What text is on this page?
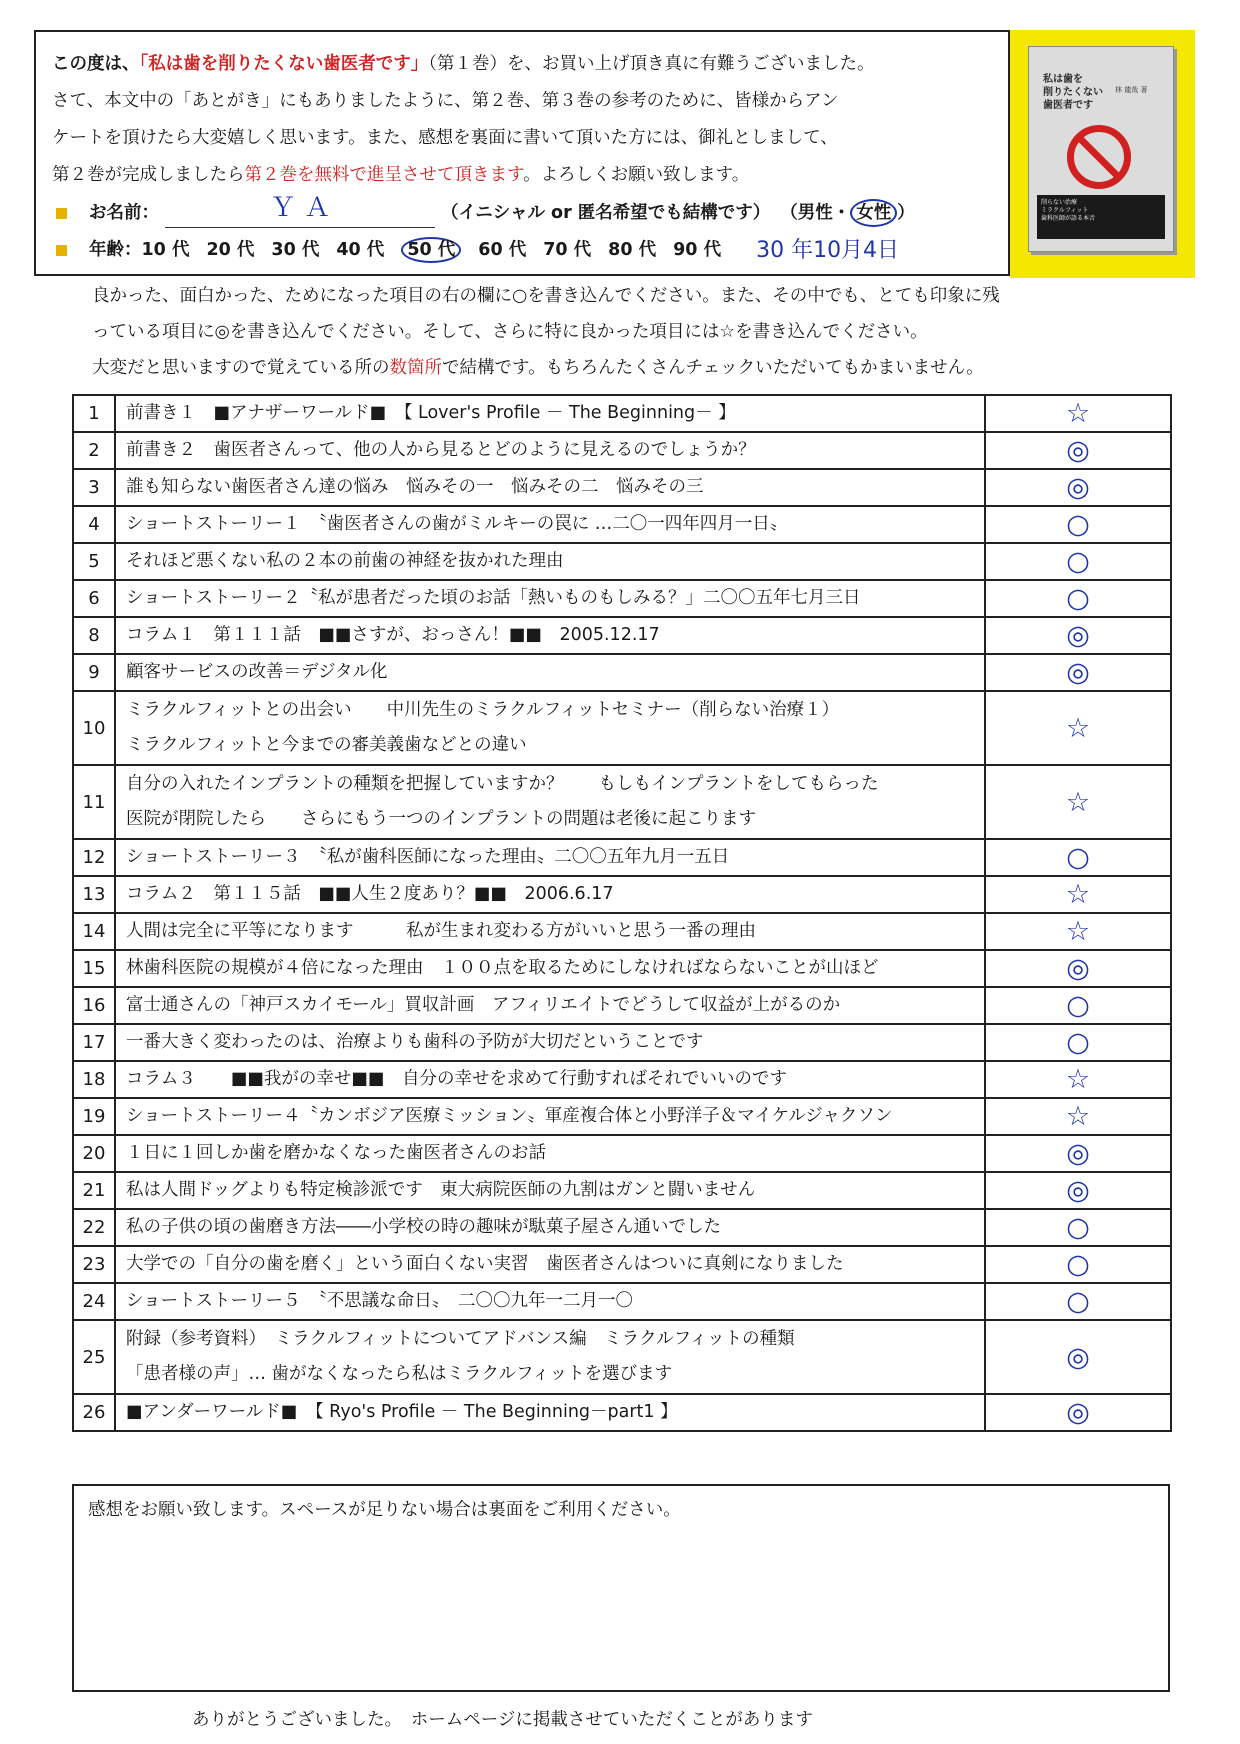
この度は、「私は歯を削りたくない歯医者です」（第１巻）を、お買い上げ頂き真に有難うございました。

さて、本文中の「あとがき」にもありましたように、第２巻、第３巻の参考のために、皆様からアン

ケートを頂けたら大変嬉しく思います。また、感想を裏面に書いて頂いた方には、御礼としまして、

第２巻が完成しましたら第２巻を無料で進呈させて頂きます。よろしくお願い致します。

お名前：	Ｙ Ａ	（イニシャル or 匿名希望でも結構です） （男性・ 女性 ）
年齢： 10 代 20 代 30 代 40 代 50 代 60 代 70 代 80 代 90 代	30 年10月4日
私は歯を
削りたくない
歯医者です
林 龍哉 著
削らない治療
ミラクルフィット
歯科医師が語る本音

良かった、面白かった、ためになった項目の右の欄に○を書き込んでください。また、その中でも、とても印象に残

っている項目に◎を書き込んでください。そして、さらに特に良かった項目には☆を書き込んでください。

大変だと思いますので覚えている所の数箇所で結構です。もちろんたくさんチェックいただいてもかまいません。

1	前書き１　■アナザーワールド■　【 Lover's Profile － The Beginning－ 】	☆
2	前書き２　歯医者さんって、他の人から見るとどのように見えるのでしょうか？	◎
3	誰も知らない歯医者さん達の悩み　悩みその一　悩みその二　悩みその三	◎
4	ショートストーリー１　〝歯医者さんの歯がミルキーの罠に …二〇一四年四月一日〟	○
5	それほど悪くない私の２本の前歯の神経を抜かれた理由	○
6	ショートストーリー２〝私が患者だった頃のお話「熱いものもしみる？」二〇〇五年七月三日	○
8	コラム１　第１１１話　■■さすが、おっさん！■■　2005.12.17	◎
9	顧客サービスの改善＝デジタル化	◎
10	ミラクルフィットとの出会い　　中川先生のミラクルフィットセミナー（削らない治療１）
ミラクルフィットと今までの審美義歯などとの違い	☆
11	自分の入れたインプラントの種類を把握していますか？　　もしもインプラントをしてもらった
医院が閉院したら　　さらにもう一つのインプラントの問題は老後に起こります	☆
12	ショートストーリー３　〝私が歯科医師になった理由〟二〇〇五年九月一五日	○
13	コラム２　第１１５話　■■人生２度あり？■■　2006.6.17	☆
14	人間は完全に平等になります　　　私が生まれ変わる方がいいと思う一番の理由	☆
15	林歯科医院の規模が４倍になった理由　１００点を取るためにしなければならないことが山ほど	◎
16	富士通さんの「神戸スカイモール」買収計画　アフィリエイトでどうして収益が上がるのか	○
17	一番大きく変わったのは、治療よりも歯科の予防が大切だということです	○
18	コラム３　　■■我がの幸せ■■　自分の幸せを求めて行動すればそれでいいのです	☆
19	ショートストーリー４〝カンボジア医療ミッション〟軍産複合体と小野洋子＆マイケルジャクソン	☆
20	１日に１回しか歯を磨かなくなった歯医者さんのお話	◎
21	私は人間ドッグよりも特定検診派です　東大病院医師の九割はガンと闘いません	◎
22	私の子供の頃の歯磨き方法――小学校の時の趣味が駄菓子屋さん通いでした	○
23	大学での「自分の歯を磨く」という面白くない実習　歯医者さんはついに真剣になりました	○
24	ショートストーリー５　〝不思議な命日〟　二〇〇九年一二月一〇	○
25	附録（参考資料）　ミラクルフィットについてアドバンス編　ミラクルフィットの種類
「患者様の声」… 歯がなくなったら私はミラクルフィットを選びます	◎
26	■アンダーワールド■　【 Ryo's Profile － The Beginning－part1 】	◎
感想をお願い致します。スペースが足りない場合は裏面をご利用ください。
ありがとうございました。　ホームページに掲載させていただくことがあります
